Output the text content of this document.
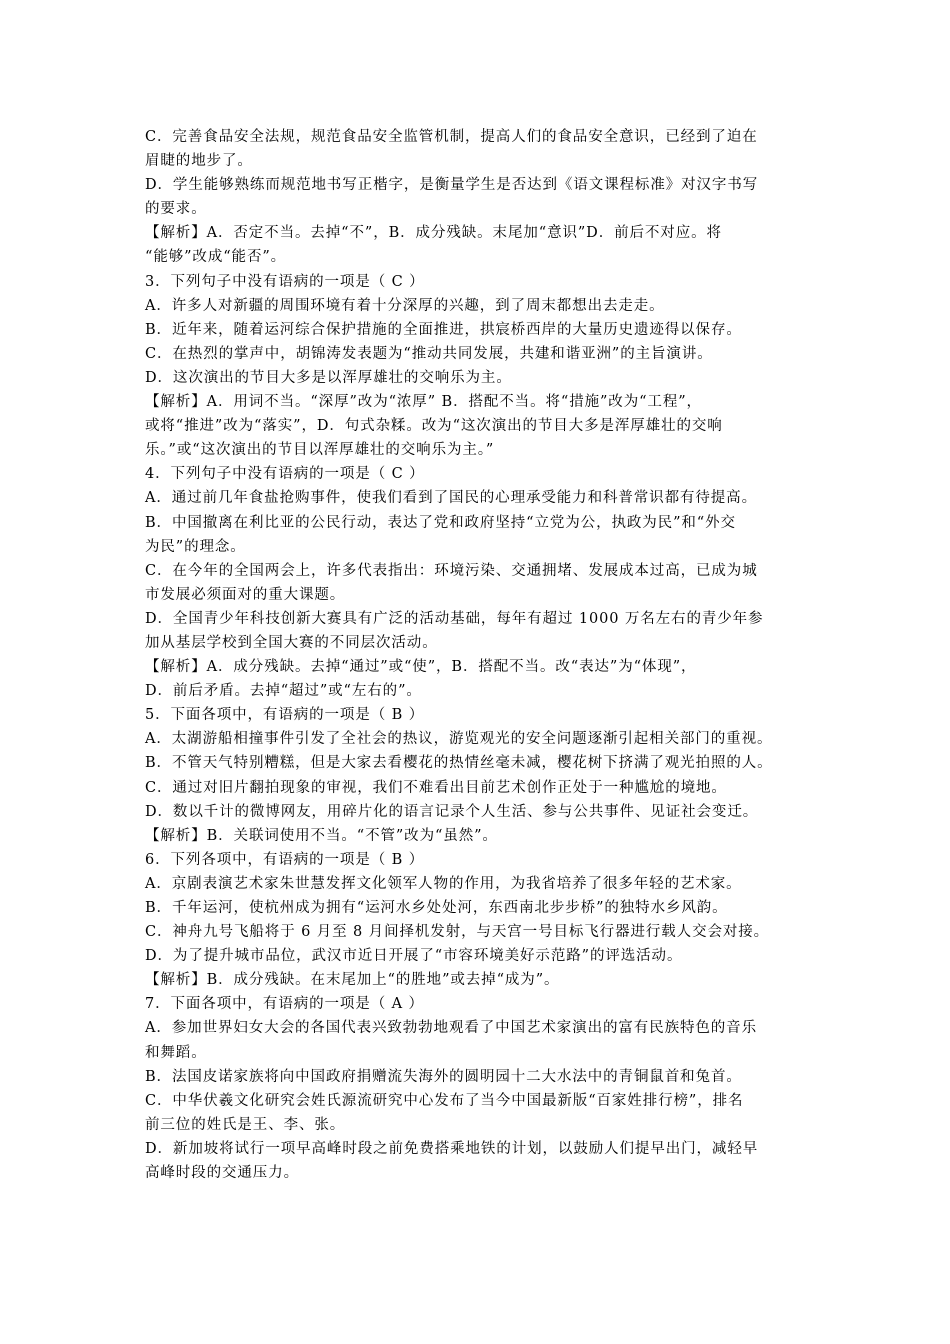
C．完善食品安全法规，规范食品安全监管机制，提高人们的食品安全意识，已经到了迫在
眉睫的地步了。
D．学生能够熟练而规范地书写正楷字，是衡量学生是否达到《语文课程标准》对汉字书写
的要求。
【解析】A．否定不当。去掉“不”，B．成分残缺。末尾加“意识”D．前后不对应。将
“能够”改成“能否”。
3．下列句子中没有语病的一项是（ C ）
A．许多人对新疆的周围环境有着十分深厚的兴趣，到了周末都想出去走走。
B．近年来，随着运河综合保护措施的全面推进，拱宸桥西岸的大量历史遗迹得以保存。
C．在热烈的掌声中，胡锦涛发表题为“推动共同发展，共建和谐亚洲”的主旨演讲。
D．这次演出的节目大多是以浑厚雄壮的交响乐为主。
【解析】A．用词不当。“深厚”改为“浓厚” B．搭配不当。将“措施”改为“工程”，
或将“推进”改为“落实”，D．句式杂糅。改为“这次演出的节目大多是浑厚雄壮的交响
乐。”或“这次演出的节目以浑厚雄壮的交响乐为主。”
4．下列句子中没有语病的一项是（ C ）
A．通过前几年食盐抢购事件，使我们看到了国民的心理承受能力和科普常识都有待提高。
B．中国撤离在利比亚的公民行动，表达了党和政府坚持“立党为公，执政为民”和“外交
为民”的理念。
C．在今年的全国两会上，许多代表指出：环境污染、交通拥堵、发展成本过高，已成为城
市发展必须面对的重大课题。
D．全国青少年科技创新大赛具有广泛的活动基础，每年有超过 1000 万名左右的青少年参
加从基层学校到全国大赛的不同层次活动。
【解析】A．成分残缺。去掉“通过”或“使”，B．搭配不当。改“表达”为“体现”，
D．前后矛盾。去掉“超过”或“左右的”。
5．下面各项中，有语病的一项是（ B ）
A．太湖游船相撞事件引发了全社会的热议，游览观光的安全问题逐渐引起相关部门的重视。
B．不管天气特别糟糕，但是大家去看樱花的热情丝毫未减，樱花树下挤满了观光拍照的人。
C．通过对旧片翻拍现象的审视，我们不难看出目前艺术创作正处于一种尴尬的境地。
D．数以千计的微博网友，用碎片化的语言记录个人生活、参与公共事件、见证社会变迁。
【解析】B．关联词使用不当。“不管”改为“虽然”。
6．下列各项中，有语病的一项是（ B ）
A．京剧表演艺术家朱世慧发挥文化领军人物的作用，为我省培养了很多年轻的艺术家。
B．千年运河，使杭州成为拥有“运河水乡处处河，东西南北步步桥”的独特水乡风韵。
C．神舟九号飞船将于 6 月至 8 月间择机发射，与天宫一号目标飞行器进行载人交会对接。
D．为了提升城市品位，武汉市近日开展了“市容环境美好示范路”的评选活动。
【解析】B．成分残缺。在末尾加上“的胜地”或去掉“成为”。
7．下面各项中，有语病的一项是（ A ）
A．参加世界妇女大会的各国代表兴致勃勃地观看了中国艺术家演出的富有民族特色的音乐
和舞蹈。
B．法国皮诺家族将向中国政府捐赠流失海外的圆明园十二大水法中的青铜鼠首和兔首。
C．中华伏羲文化研究会姓氏源流研究中心发布了当今中国最新版“百家姓排行榜”，排名
前三位的姓氏是王、李、张。
D．新加坡将试行一项早高峰时段之前免费搭乘地铁的计划，以鼓励人们提早出门，减轻早
高峰时段的交通压力。
